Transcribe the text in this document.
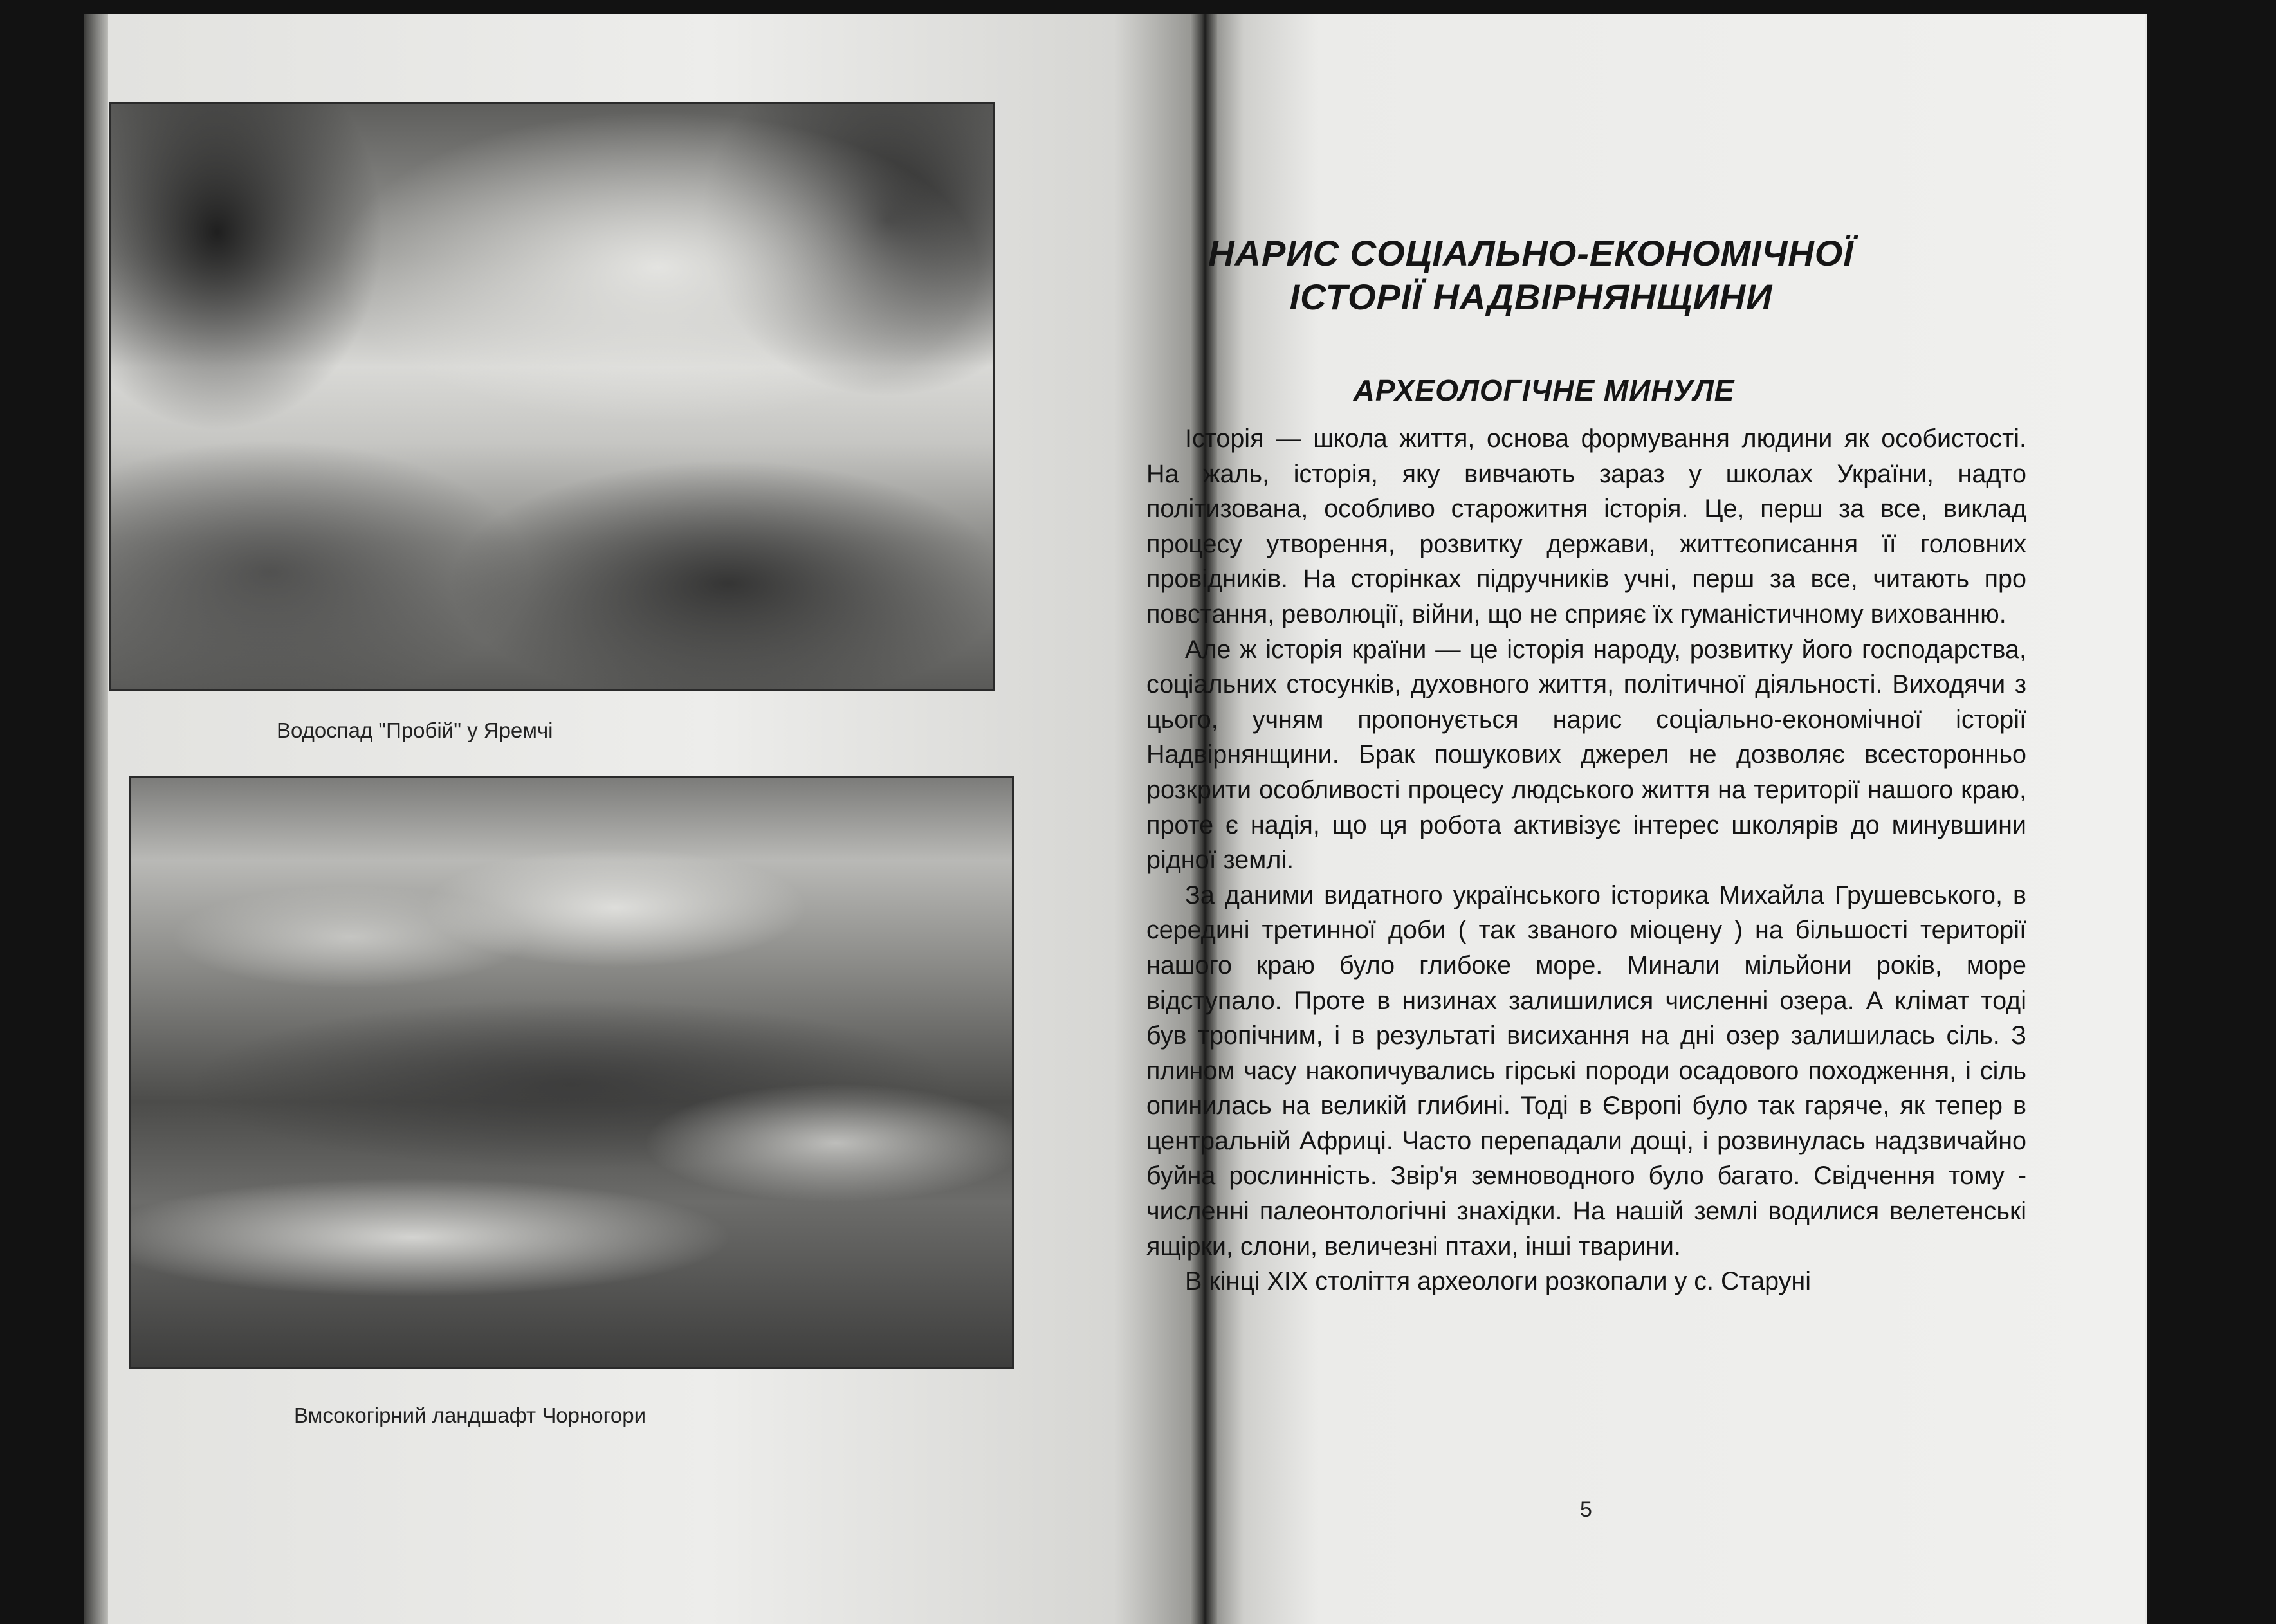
Водоспад "Пробій" у Яремчі
Вмсокогірний ландшафт Чорногори
НАРИС СОЦІАЛЬНО-ЕКОНОМІЧНОЇ
ІСТОРІЇ НАДВІРНЯНЩИНИ
АРХЕОЛОГІЧНЕ МИНУЛЕ

Історія — школа життя, основа формування людини як особистості. На жаль, історія, яку вивчають зараз у школах України, надто політизована, особливо старожитня історія. Це, перш за все, виклад процесу утворення, розвитку держави, життєописання її головних провідників. На сторінках підручників учні, перш за все, читають про повстання, революції, війни, що не сприяє їх гуманістичному вихованню.

Але ж історія країни — це історія народу, розвитку його господарства, соціальних стосунків, духовного життя, політичної діяльності. Виходячи з цього, учням пропонується нарис соціально-економічної історії Надвірнянщини. Брак пошукових джерел не дозволяє всесторонньо розкрити особливості процесу людського життя на території нашого краю, проте є надія, що ця робота активізує інтерес школярів до минувшини рідної землі.

За даними видатного українського історика Михайла Грушевського, в середині третинної доби ( так званого міоцену ) на більшості території нашого краю було глибоке море. Минали мільйони років, море відступало. Проте в низинах залишилися численні озера. А клімат тоді був тропічним, і в результаті висихання на дні озер залишилась сіль. З плином часу накопичувались гірські породи осадового походження, і сіль опинилась на великій глибині. Тоді в Європі було так гаряче, як тепер в центральній Африці. Часто перепадали дощі, і розвинулась надзвичайно буйна рослинність. Звір'я земноводного було багато. Свідчення тому - численні палеонтологічні знахідки. На нашій землі водилися велетенські ящірки, слони, величезні птахи, інші тварини.

В кінці XIX століття археологи розкопали у с. Старуні

5
